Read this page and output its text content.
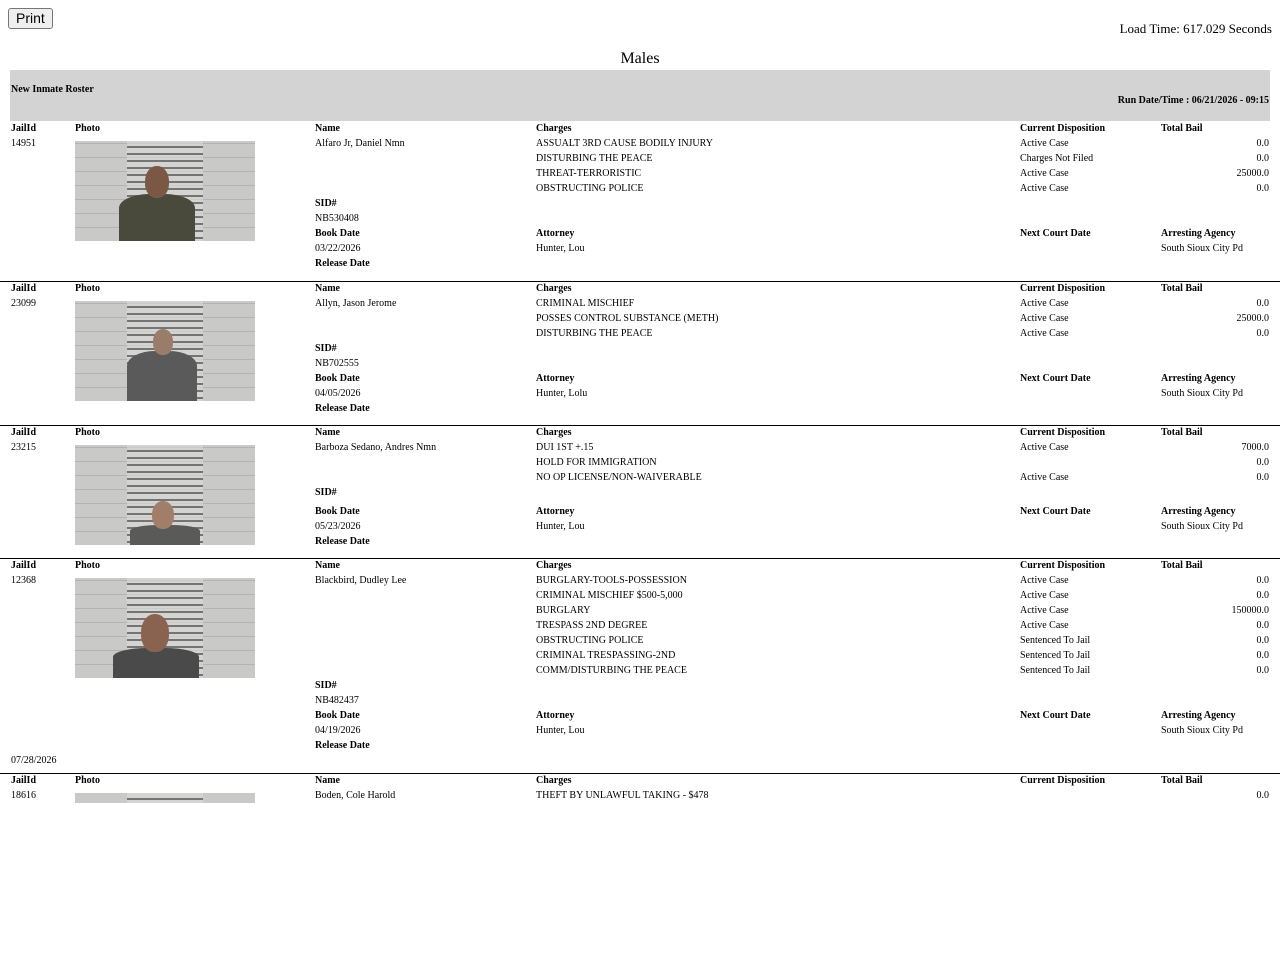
Print
Load Time: 617.029 Seconds
Males
New Inmate Roster
Run Date/Time : 06/21/2026 - 09:15
JailId	Photo	Name	Charges	Current Disposition	Total Bail
14951	Alfaro Jr, Daniel Nmn	ASSUALT 3RD CAUSE BODILY INJURY	Active Case	0.0
DISTURBING THE PEACE	Charges Not Filed	0.0
THREAT-TERRORISTIC	Active Case	25000.0
OBSTRUCTING POLICE	Active Case	0.0
SID#
NB530408
Book Date	Attorney	Next Court Date	Arresting Agency
03/22/2026	Hunter, Lou	South Sioux City Pd
Release Date
JailId	Photo	Name	Charges	Current Disposition	Total Bail
23099	Allyn, Jason Jerome	CRIMINAL MISCHIEF	Active Case	0.0
POSSES CONTROL SUBSTANCE (METH)	Active Case	25000.0
DISTURBING THE PEACE	Active Case	0.0
SID#
NB702555
Book Date	Attorney	Next Court Date	Arresting Agency
04/05/2026	Hunter, Lolu	South Sioux City Pd
Release Date
JailId	Photo	Name	Charges	Current Disposition	Total Bail
23215	Barboza Sedano, Andres Nmn	DUI 1ST +.15	Active Case	7000.0
HOLD FOR IMMIGRATION	0.0
NO OP LICENSE/NON-WAIVERABLE	Active Case	0.0
SID#
Book Date	Attorney	Next Court Date	Arresting Agency
05/23/2026	Hunter, Lou	South Sioux City Pd
Release Date
JailId	Photo	Name	Charges	Current Disposition	Total Bail
12368	Blackbird, Dudley Lee	BURGLARY-TOOLS-POSSESSION	Active Case	0.0
CRIMINAL MISCHIEF $500-5,000	Active Case	0.0
BURGLARY	Active Case	150000.0
TRESPASS 2ND DEGREE	Active Case	0.0
OBSTRUCTING POLICE	Sentenced To Jail	0.0
CRIMINAL TRESPASSING-2ND	Sentenced To Jail	0.0
COMM/DISTURBING THE PEACE	Sentenced To Jail	0.0
SID#
NB482437
Book Date	Attorney	Next Court Date	Arresting Agency
04/19/2026	Hunter, Lou	South Sioux City Pd
Release Date
07/28/2026
JailId	Photo	Name	Charges	Current Disposition	Total Bail
18616	Boden, Cole Harold	THEFT BY UNLAWFUL TAKING - $478	0.0
